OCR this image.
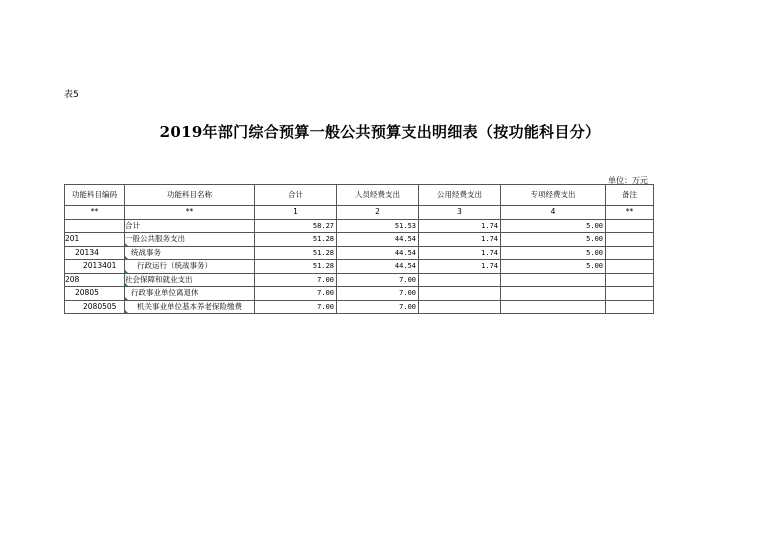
表5
2019年部门综合预算一般公共预算支出明细表（按功能科目分）
单位：万元
功能科目编码	功能科目名称	合计	人员经费支出	公用经费支出	专项经费支出	备注
**	**	1	2	3	4	**
	合计	58.27	51.53	1.74	5.00	
201	一般公共服务支出	51.28	44.54	1.74	5.00	
20134	统战事务	51.28	44.54	1.74	5.00	
2013401	行政运行（统战事务）	51.28	44.54	1.74	5.00	
208	社会保障和就业支出	7.00	7.00			
20805	行政事业单位离退休	7.00	7.00			
2080505	机关事业单位基本养老保险缴费	7.00	7.00			
